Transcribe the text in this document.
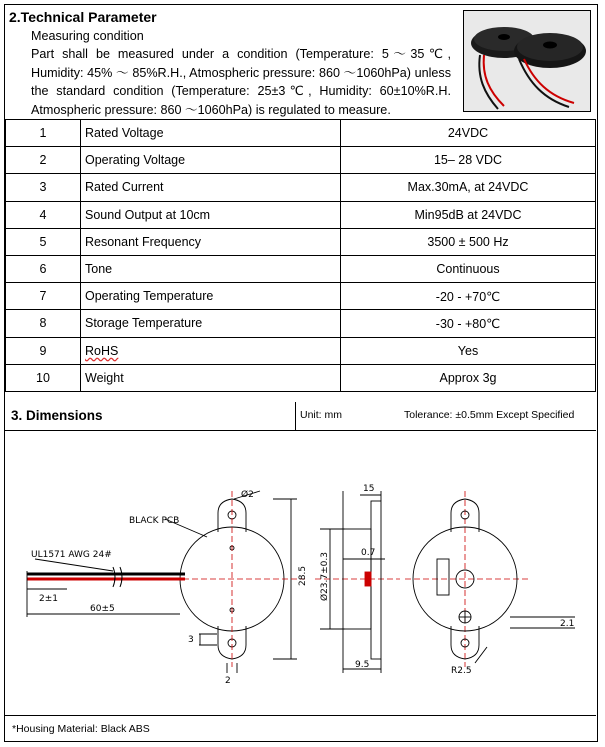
2.Technical Parameter
Measuring condition
Part shall be measured under a condition (Temperature: 5～35℃, Humidity: 45% ～ 85%R.H., Atmospheric pressure: 860 ～1060hPa) unless the standard condition (Temperature: 25±3℃, Humidity: 60±10%R.H. Atmospheric pressure: 860 ～1060hPa) is regulated to measure.
1	Rated Voltage	24VDC
2	Operating Voltage	15– 28 VDC
3	Rated Current	Max.30mA, at 24VDC
4	Sound Output at 10cm	Min95dB at 24VDC
5	Resonant Frequency	3500 ± 500 Hz
6	Tone	Continuous
7	Operating Temperature	-20 - +70℃
8	Storage Temperature	-30 - +80℃
9	RoHS	Yes
10	Weight	Approx 3g
3. Dimensions	Unit: mm	Tolerance: ±0.5mm Except Specified
BLACK PCB
UL1571 AWG 24#
Ø2
2±1
60±5
3
2
28.5 Ø23.7±0.3
15
0.7
9.5
2.1
R2.5
*Housing Material: Black ABS
